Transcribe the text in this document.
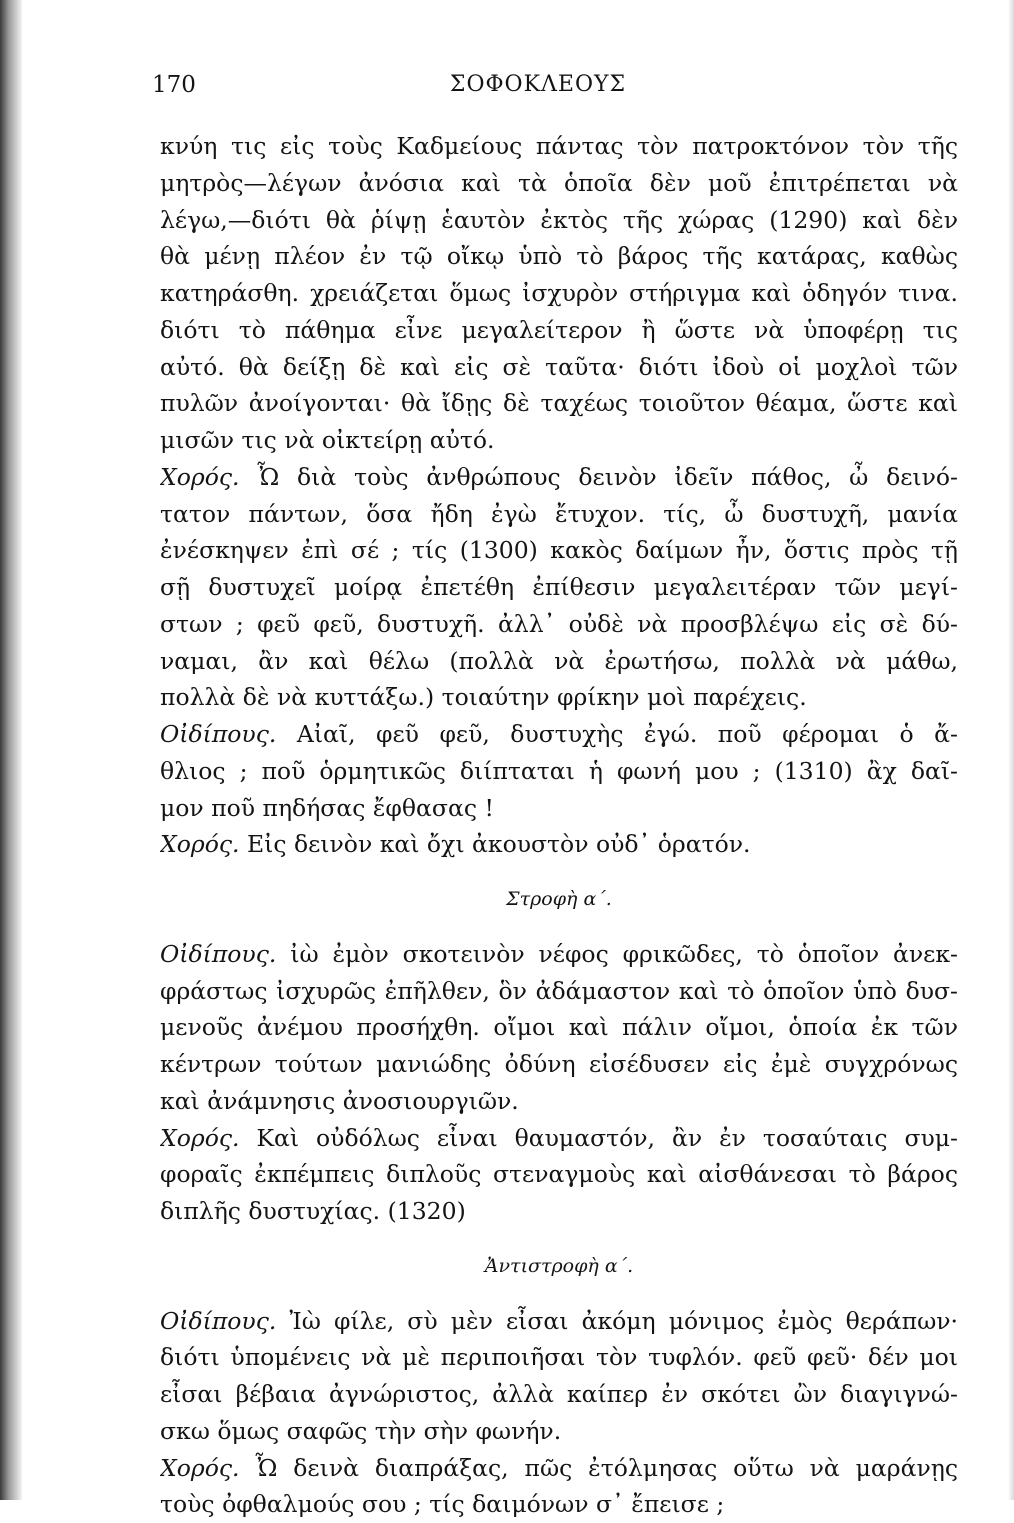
170	ΣΟΦΟΚΛΕΟΥΣ
κνύη τις εἰς τοὺς Καδμείους πάντας τὸν πατροκτόνον τὸν τῆς
μητρὸς—λέγων ἀνόσια καὶ τὰ ὁποῖα δὲν μοῦ ἐπιτρέπεται νὰ
λέγω,—διότι θὰ ῥίψῃ ἑαυτὸν ἐκτὸς τῆς χώρας (1290) καὶ δὲν
θὰ μένῃ πλέον ἐν τῷ οἴκῳ ὑπὸ τὸ βάρος τῆς κατάρας, καθὼς
κατηράσθη. χρειάζεται ὅμως ἰσχυρὸν στήριγμα καὶ ὁδηγόν τινα.
διότι τὸ πάθημα εἶνε μεγαλείτερον ἢ ὥστε νὰ ὑποφέρῃ τις
αὐτό. θὰ δείξῃ δὲ καὶ εἰς σὲ ταῦτα· διότι ἰδοὺ οἱ μοχλοὶ τῶν
πυλῶν ἀνοίγονται· θὰ ἴδῃς δὲ ταχέως τοιοῦτον θέαμα, ὥστε καὶ
μισῶν τις νὰ οἰκτείρῃ αὐτό.
Χορός. Ὦ διὰ τοὺς ἀνθρώπους δεινὸν ἰδεῖν πάθος, ὦ δεινό-
τατον πάντων, ὅσα ἤδη ἐγὼ ἔτυχον. τίς, ὦ δυστυχῆ, μανία
ἐνέσκηψεν ἐπὶ σέ ; τίς (1300) κακὸς δαίμων ἦν, ὅστις πρὸς τῇ
σῇ δυστυχεῖ μοίρᾳ ἐπετέθη ἐπίθεσιν μεγαλειτέραν τῶν μεγί-
στων ; φεῦ φεῦ, δυστυχῆ. ἀλλ᾽ οὐδὲ νὰ προσβλέψω εἰς σὲ δύ-
ναμαι, ἂν καὶ θέλω (πολλὰ νὰ ἐρωτήσω, πολλὰ νὰ μάθω,
πολλὰ δὲ νὰ κυττάξω.) τοιαύτην φρίκην μοὶ παρέχεις.
Οἰδίπους. Αἰαῖ, φεῦ φεῦ, δυστυχὴς ἐγώ. ποῦ φέρομαι ὁ ἄ-
θλιος ; ποῦ ὁρμητικῶς διίπταται ἡ φωνή μου ; (1310) ἂχ δαῖ-
μον ποῦ πηδήσας ἔφθασας !
Χορός. Εἰς δεινὸν καὶ ὄχι ἀκουστὸν οὐδ᾽ ὁρατόν.
Στροφὴ α΄.
Οἰδίπους. ἰὼ ἐμὸν σκοτεινὸν νέφος φρικῶδες, τὸ ὁποῖον ἀνεκ-
φράστως ἰσχυρῶς ἐπῆλθεν, ὃν ἀδάμαστον καὶ τὸ ὁποῖον ὑπὸ δυσ-
μενοῦς ἀνέμου προσήχθη. οἴμοι καὶ πάλιν οἴμοι, ὁποία ἐκ τῶν
κέντρων τούτων μανιώδης ὀδύνη εἰσέδυσεν εἰς ἐμὲ συγχρόνως
καὶ ἀνάμνησις ἀνοσιουργιῶν.
Χορός. Καὶ οὐδόλως εἶναι θαυμαστόν, ἂν ἐν τοσαύταις συμ-
φοραῖς ἐκπέμπεις διπλοῦς στεναγμοὺς καὶ αἰσθάνεσαι τὸ βάρος
διπλῆς δυστυχίας. (1320)
Ἀντιστροφὴ α΄.
Οἰδίπους. Ἰὼ φίλε, σὺ μὲν εἶσαι ἀκόμη μόνιμος ἐμὸς θεράπων·
διότι ὑπομένεις νὰ μὲ περιποιῆσαι τὸν τυφλόν. φεῦ φεῦ· δέν μοι
εἶσαι βέβαια ἀγνώριστος, ἀλλὰ καίπερ ἐν σκότει ὢν διαγιγνώ-
σκω ὅμως σαφῶς τὴν σὴν φωνήν.
Χορός. Ὦ δεινὰ διαπράξας, πῶς ἐτόλμησας οὕτω νὰ μαράνῃς
τοὺς ὀφθαλμούς σου ; τίς δαιμόνων σ᾽ ἔπεισε ;
